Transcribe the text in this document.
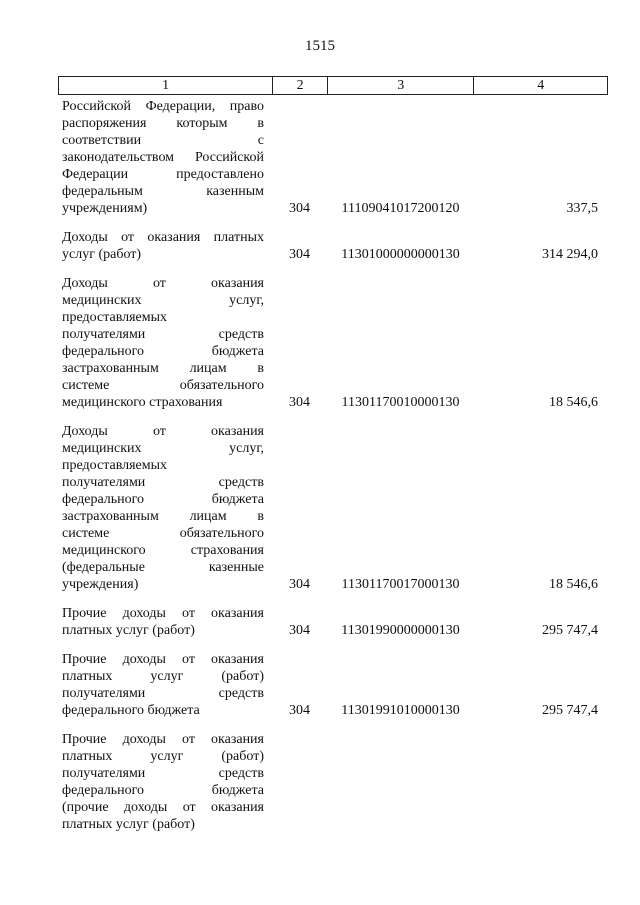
1515
1	2	3	4
Российской Федерации, право
распоряжения которым в
соответствии с
законодательством Российской
Федерации предоставлено
федеральным казенным
учреждениям)	304	11109041017200120	337,5
Доходы от оказания платных
услуг (работ)	304	11301000000000130	314 294,0
Доходы от оказания
медицинских услуг,
предоставляемых
получателями средств
федерального бюджета
застрахованным лицам в
системе обязательного
медицинского страхования	304	11301170010000130	18 546,6
Доходы от оказания
медицинских услуг,
предоставляемых
получателями средств
федерального бюджета
застрахованным лицам в
системе обязательного
медицинского страхования
(федеральные казенные
учреждения)	304	11301170017000130	18 546,6
Прочие доходы от оказания
платных услуг (работ)	304	11301990000000130	295 747,4
Прочие доходы от оказания
платных услуг (работ)
получателями средств
федерального бюджета	304	11301991010000130	295 747,4
Прочие доходы от оказания
платных услуг (работ)
получателями средств
федерального бюджета
(прочие доходы от оказания
платных услуг (работ)
